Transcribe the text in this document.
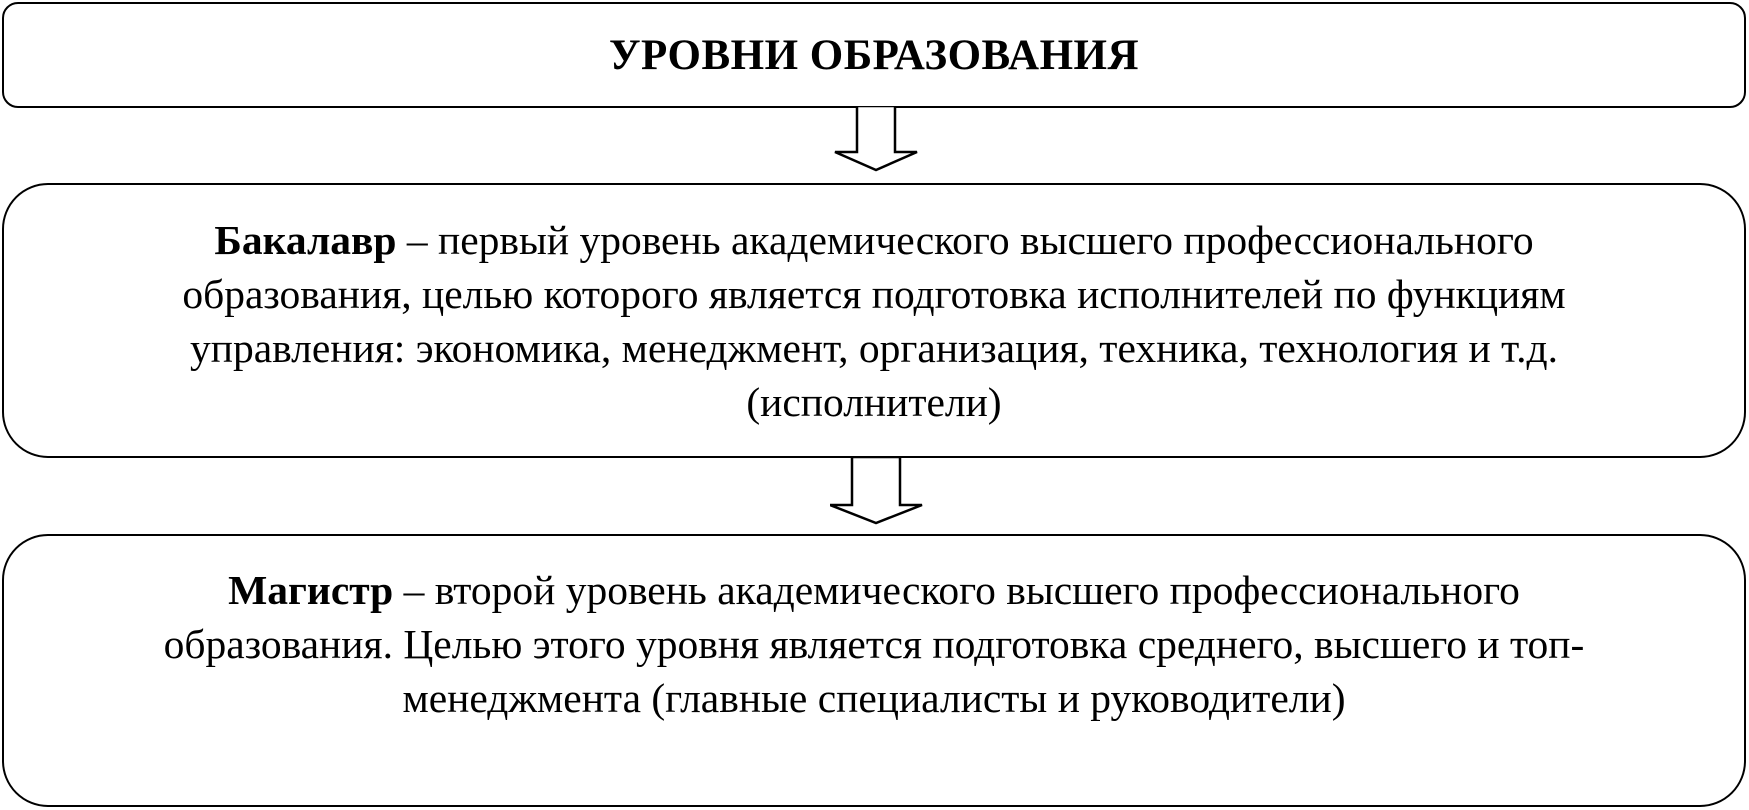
УРОВНИ ОБРАЗОВАНИЯ
Бакалавр – первый уровень академического высшего профессионального
образования, целью которого является подготовка исполнителей по функциям
управления: экономика, менеджмент, организация, техника, технология и т.д.
(исполнители)
Магистр – второй уровень академического высшего профессионального
образования. Целью этого уровня является подготовка среднего, высшего и топ-
менеджмента (главные специалисты и руководители)
